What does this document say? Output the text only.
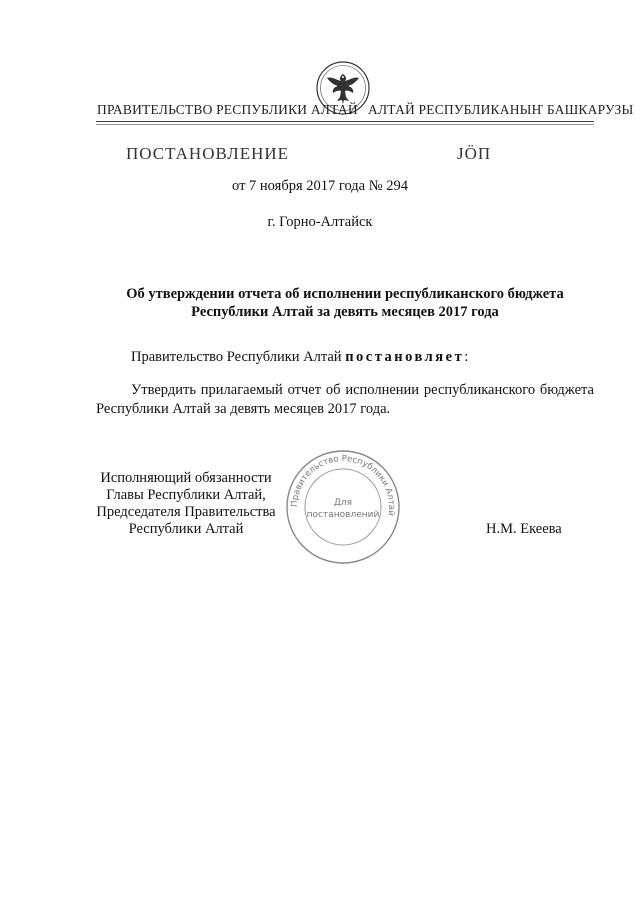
ПРАВИТЕЛЬСТВО РЕСПУБЛИКИ АЛТАЙ АЛТАЙ РЕСПУБЛИКАНЫҤ БАШКАРУЗЫ
ПОСТАНОВЛЕНИЕ	ЈÖП
от 7 ноября 2017 года № 294
г. Горно-Алтайск
Об утверждении отчета об исполнении республиканского бюджета
Республики Алтай за девять месяцев 2017 года
Правительство Республики Алтай постановляет:
Утвердить прилагаемый отчет об исполнении республиканского бюджета Республики Алтай за девять месяцев 2017 года.
Исполняющий обязанности
Главы Республики Алтай,
Председателя Правительства
Республики Алтай	Н.М. Екеева
Правительство Республики Алтай
Для
постановлений
